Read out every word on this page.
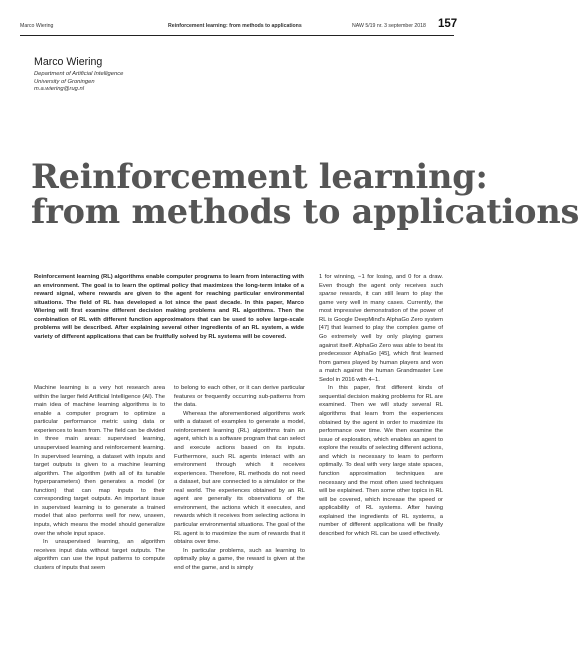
Marco Wiering	Reinforcement learning: from methods to applications	NAW 5/19 nr. 3 september 2018 157
Marco Wiering
Department of Artificial Intelligence
University of Groningen
m.a.wiering@rug.nl
Reinforcement learning:
from methods to applications
Reinforcement learning (RL) algorithms enable computer programs to learn from interacting with an environment. The goal is to learn the optimal policy that maximizes the long-term intake of a reward signal, where rewards are given to the agent for reaching particular environmental situations. The field of RL has developed a lot since the past decade. In this paper, Marco Wiering will first examine different decision making problems and RL algorithms. Then the combination of RL with different function approximators that can be used to solve large-scale problems will be described. After explaining several other ingredients of an RL system, a wide variety of different applications that can be fruitfully solved by RL systems will be covered.

Machine learning is a very hot research area within the larger field Artificial Intelligence (AI). The main idea of machine learning algorithms is to enable a computer program to optimize a particular performance metric using data or experiences to learn from. The field can be divided in three main areas: supervised learning, unsupervised learning and reinforcement learning. In supervised learning, a dataset with inputs and target outputs is given to a machine learning algorithm. The algorithm (with all of its tunable hyperparameters) then generates a model (or function) that can map inputs to their corresponding target outputs. An important issue in supervised learning is to generate a trained model that also performs well for new, unseen, inputs, which means the model should generalize over the whole input space.

In unsupervised learning, an algorithm receives input data without target outputs. The algorithm can use the input patterns to compute clusters of inputs that seem

to belong to each other, or it can derive particular features or frequently occurring sub-patterns from the data.

Whereas the aforementioned algorithms work with a dataset of examples to generate a model, reinforcement learning (RL) algorithms train an agent, which is a software program that can select and execute actions based on its inputs. Furthermore, such RL agents interact with an environment through which it receives experiences. Therefore, RL methods do not need a dataset, but are connected to a simulator or the real world. The experiences obtained by an RL agent are generally its observations of the environment, the actions which it executes, and rewards which it receives from selecting actions in particular environmental situations. The goal of the RL agent is to maximize the sum of rewards that it obtains over time.

In particular problems, such as learning to optimally play a game, the reward is given at the end of the game, and is simply

1 for winning, −1 for losing, and 0 for a draw. Even though the agent only receives such sparse rewards, it can still learn to play the game very well in many cases. Currently, the most impressive demonstration of the power of RL is Google DeepMind's AlphaGo Zero system [47] that learned to play the complex game of Go extremely well by only playing games against itself. AlphaGo Zero was able to beat its predecessor AlphaGo [45], which first learned from games played by human players and won a match against the human Grandmaster Lee Sedol in 2016 with 4−1.

In this paper, first different kinds of sequential decision making problems for RL are examined. Then we will study several RL algorithms that learn from the experiences obtained by the agent in order to maximize its performance over time. We then examine the issue of exploration, which enables an agent to explore the results of selecting different actions, and which is necessary to learn to perform optimally. To deal with very large state spaces, function approximation techniques are necessary and the most often used techniques will be explained. Then some other topics in RL will be covered, which increase the speed or applicability of RL systems. After having explained the ingredients of RL systems, a number of different applications will be finally described for which RL can be used effectively.
